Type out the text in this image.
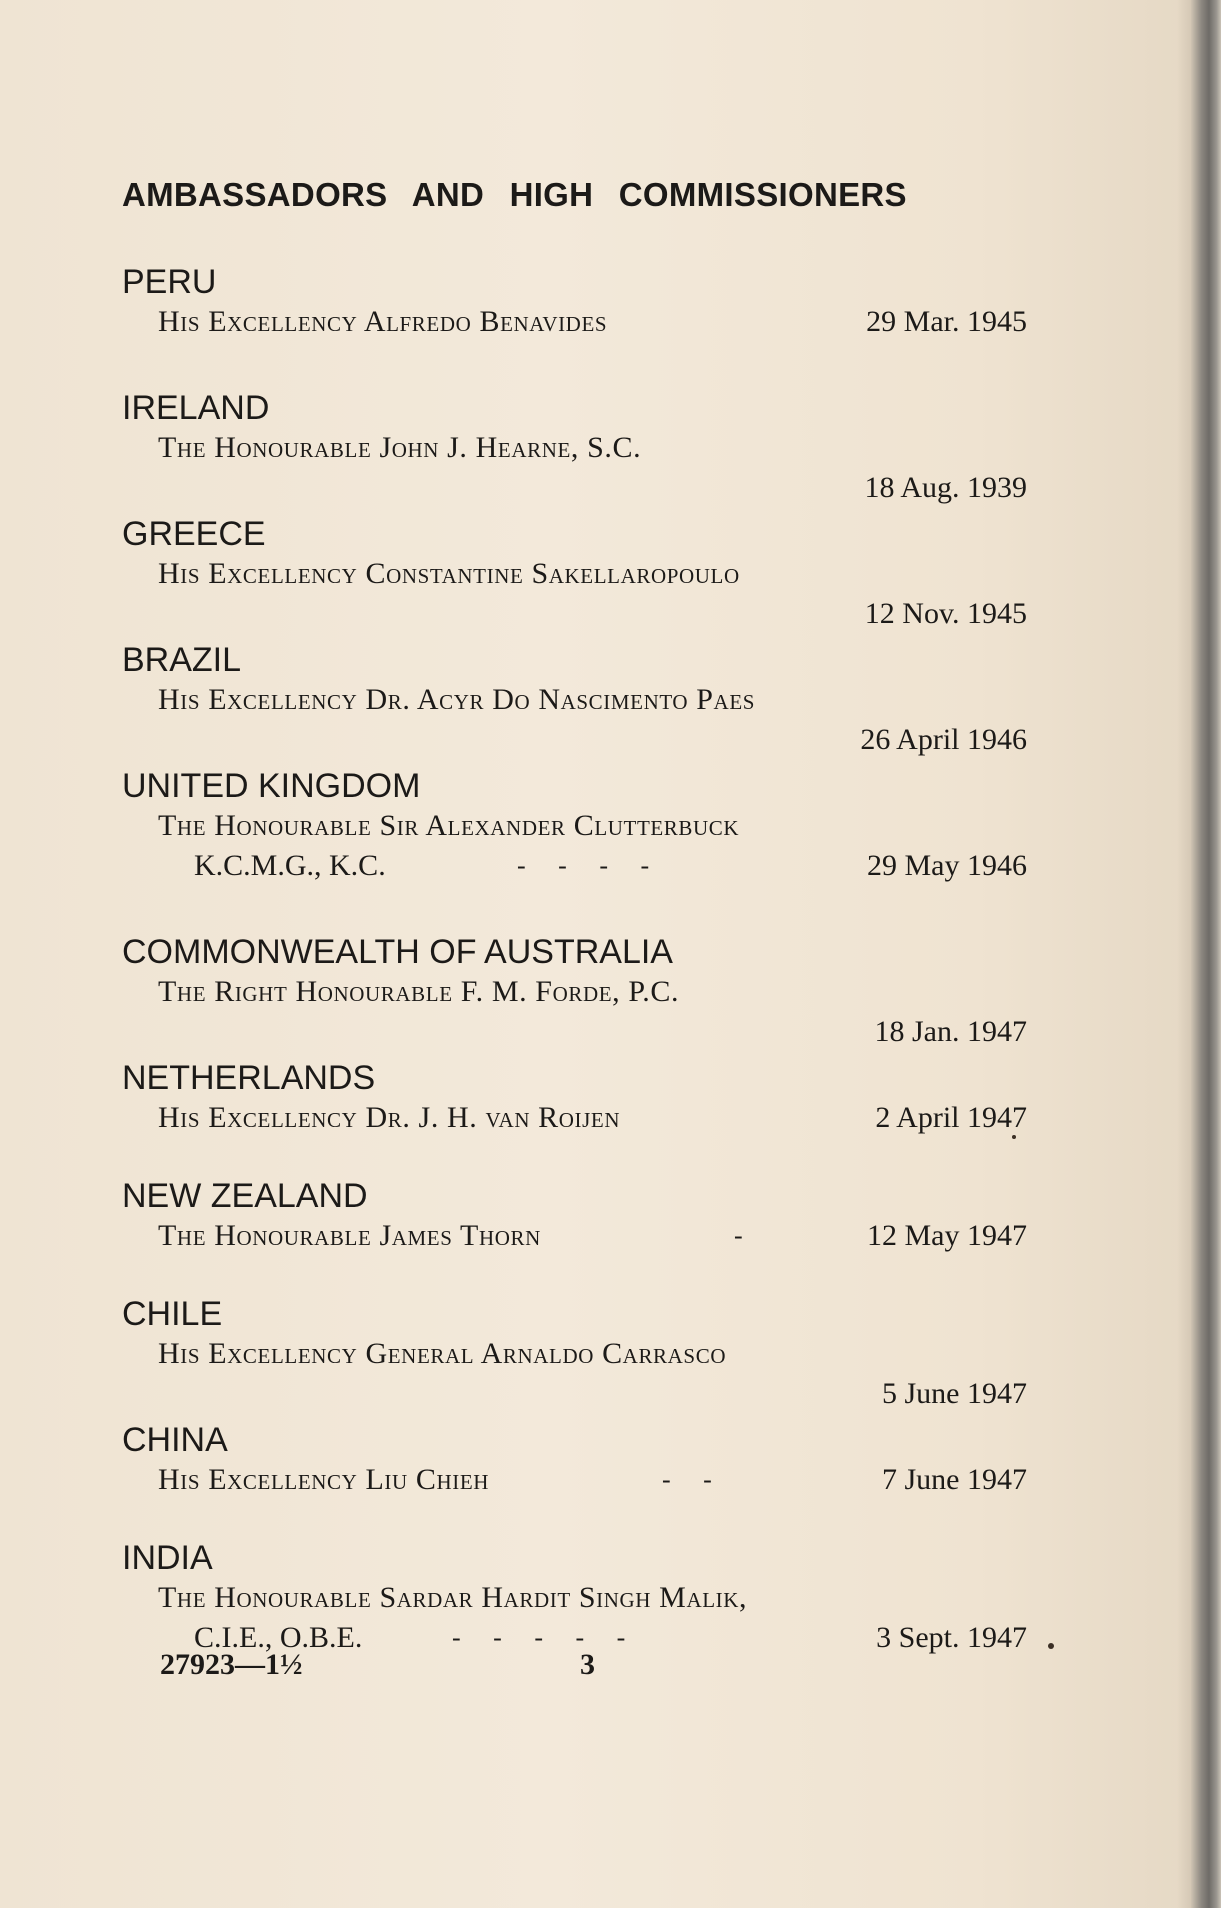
AMBASSADORS AND HIGH COMMISSIONERS
PERU
His Excellency Alfredo Benavides	29 Mar. 1945
IRELAND
The Honourable John J. Hearne, S.C.
18 Aug. 1939
GREECE
His Excellency Constantine Sakellaropoulo
12 Nov. 1945
BRAZIL
His Excellency Dr. Acyr Do Nascimento Paes
26 April 1946
UNITED KINGDOM
The Honourable Sir Alexander Clutterbuck
K.C.M.G., K.C.	-     -     -     -	29 May 1946
COMMONWEALTH OF AUSTRALIA
The Right Honourable F. M. Forde, P.C.
18 Jan. 1947
NETHERLANDS
His Excellency Dr. J. H. van Roijen	2 April 1947
NEW ZEALAND
The Honourable James Thorn	-	12 May 1947
CHILE
His Excellency General Arnaldo Carrasco
5 June 1947
CHINA
His Excellency Liu Chieh	-     -	7 June 1947
INDIA
The Honourable Sardar Hardit Singh Malik,
C.I.E., O.B.E.	-     -     -     -     -	3 Sept. 1947
27923—1½	3
